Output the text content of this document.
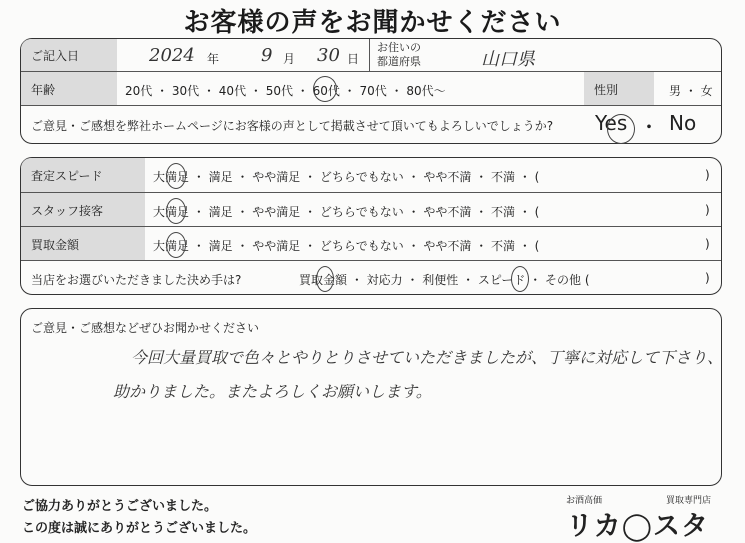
お客様の声をお聞かせください
ご記入日	2024 年 9 月 30 日
お住いの
都道府県	山口県
年齢	20代 ・ 30代 ・ 40代 ・ 50代 ・ 60代 ・ 70代 ・ 80代～	性別	男 ・ 女
ご意見・ご感想を弊社ホームページにお客様の声として掲載させて頂いてもよろしいでしょうか? Yes ・ No
査定スピード	大満足 ・ 満足 ・ やや満足 ・ どちらでもない ・ やや不満 ・ 不満 ・ (	)
スタッフ接客	大満足 ・ 満足 ・ やや満足 ・ どちらでもない ・ やや不満 ・ 不満 ・ (	)
買取金額	大満足 ・ 満足 ・ やや満足 ・ どちらでもない ・ やや不満 ・ 不満 ・ (	)
当店をお選びいただきました決め手は?	買取金額 ・ 対応力 ・ 利便性 ・ スピード ・ その他 (	)
ご意見・ご感想などぜひお聞かせください
今回大量買取で色々とやりとりさせていただきましたが、丁寧に対応して下さり、
助かりました。またよろしくお願いします。
ご協力ありがとうございました。
この度は誠にありがとうございました。
お酒高価	買取専門店
リカ◯スタ
